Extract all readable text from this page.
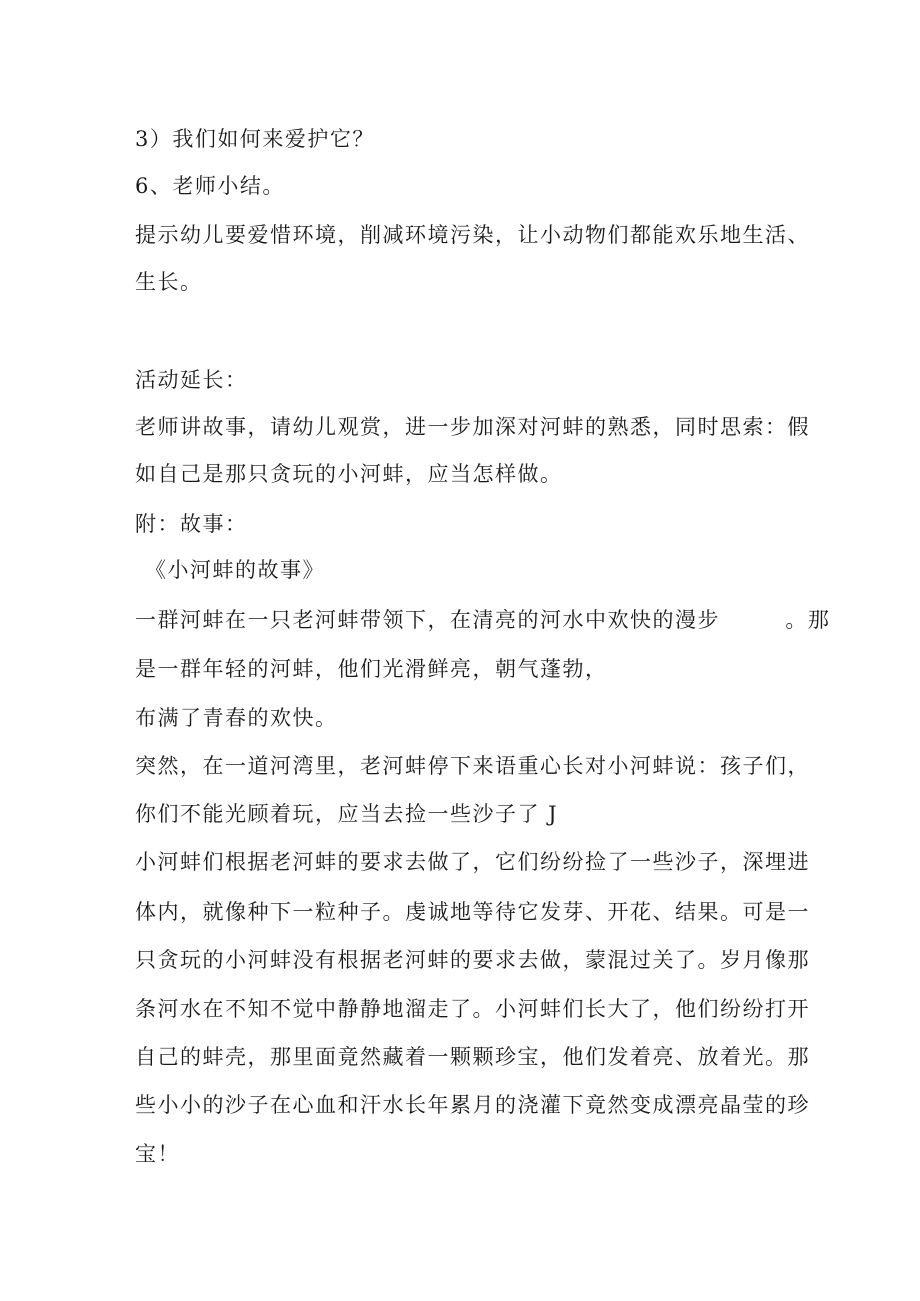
3）我们如何来爱护它？
6、老师小结。
提示幼儿要爱惜环境，削减环境污染，让小动物们都能欢乐地生活、
生长。
活动延长：
老师讲故事，请幼儿观赏，进一步加深对河蚌的熟悉，同时思索：假
如自己是那只贪玩的小河蚌，应当怎样做。
附：故事：
《小河蚌的故事》
一群河蚌在一只老河蚌带领下，在清亮的河水中欢快的漫步        。那
是一群年轻的河蚌，他们光滑鲜亮，朝气蓬勃，
布满了青春的欢快。
突然，在一道河湾里，老河蚌停下来语重心长对小河蚌说：孩子们，
你们不能光顾着玩，应当去捡一些沙子了 J
小河蚌们根据老河蚌的要求去做了，它们纷纷捡了一些沙子，深埋进
体内，就像种下一粒种子。虔诚地等待它发芽、开花、结果。可是一
只贪玩的小河蚌没有根据老河蚌的要求去做，蒙混过关了。岁月像那
条河水在不知不觉中静静地溜走了。小河蚌们长大了，他们纷纷打开
自己的蚌壳，那里面竟然藏着一颗颗珍宝，他们发着亮、放着光。那
些小小的沙子在心血和汗水长年累月的浇灌下竟然变成漂亮晶莹的珍
宝！
